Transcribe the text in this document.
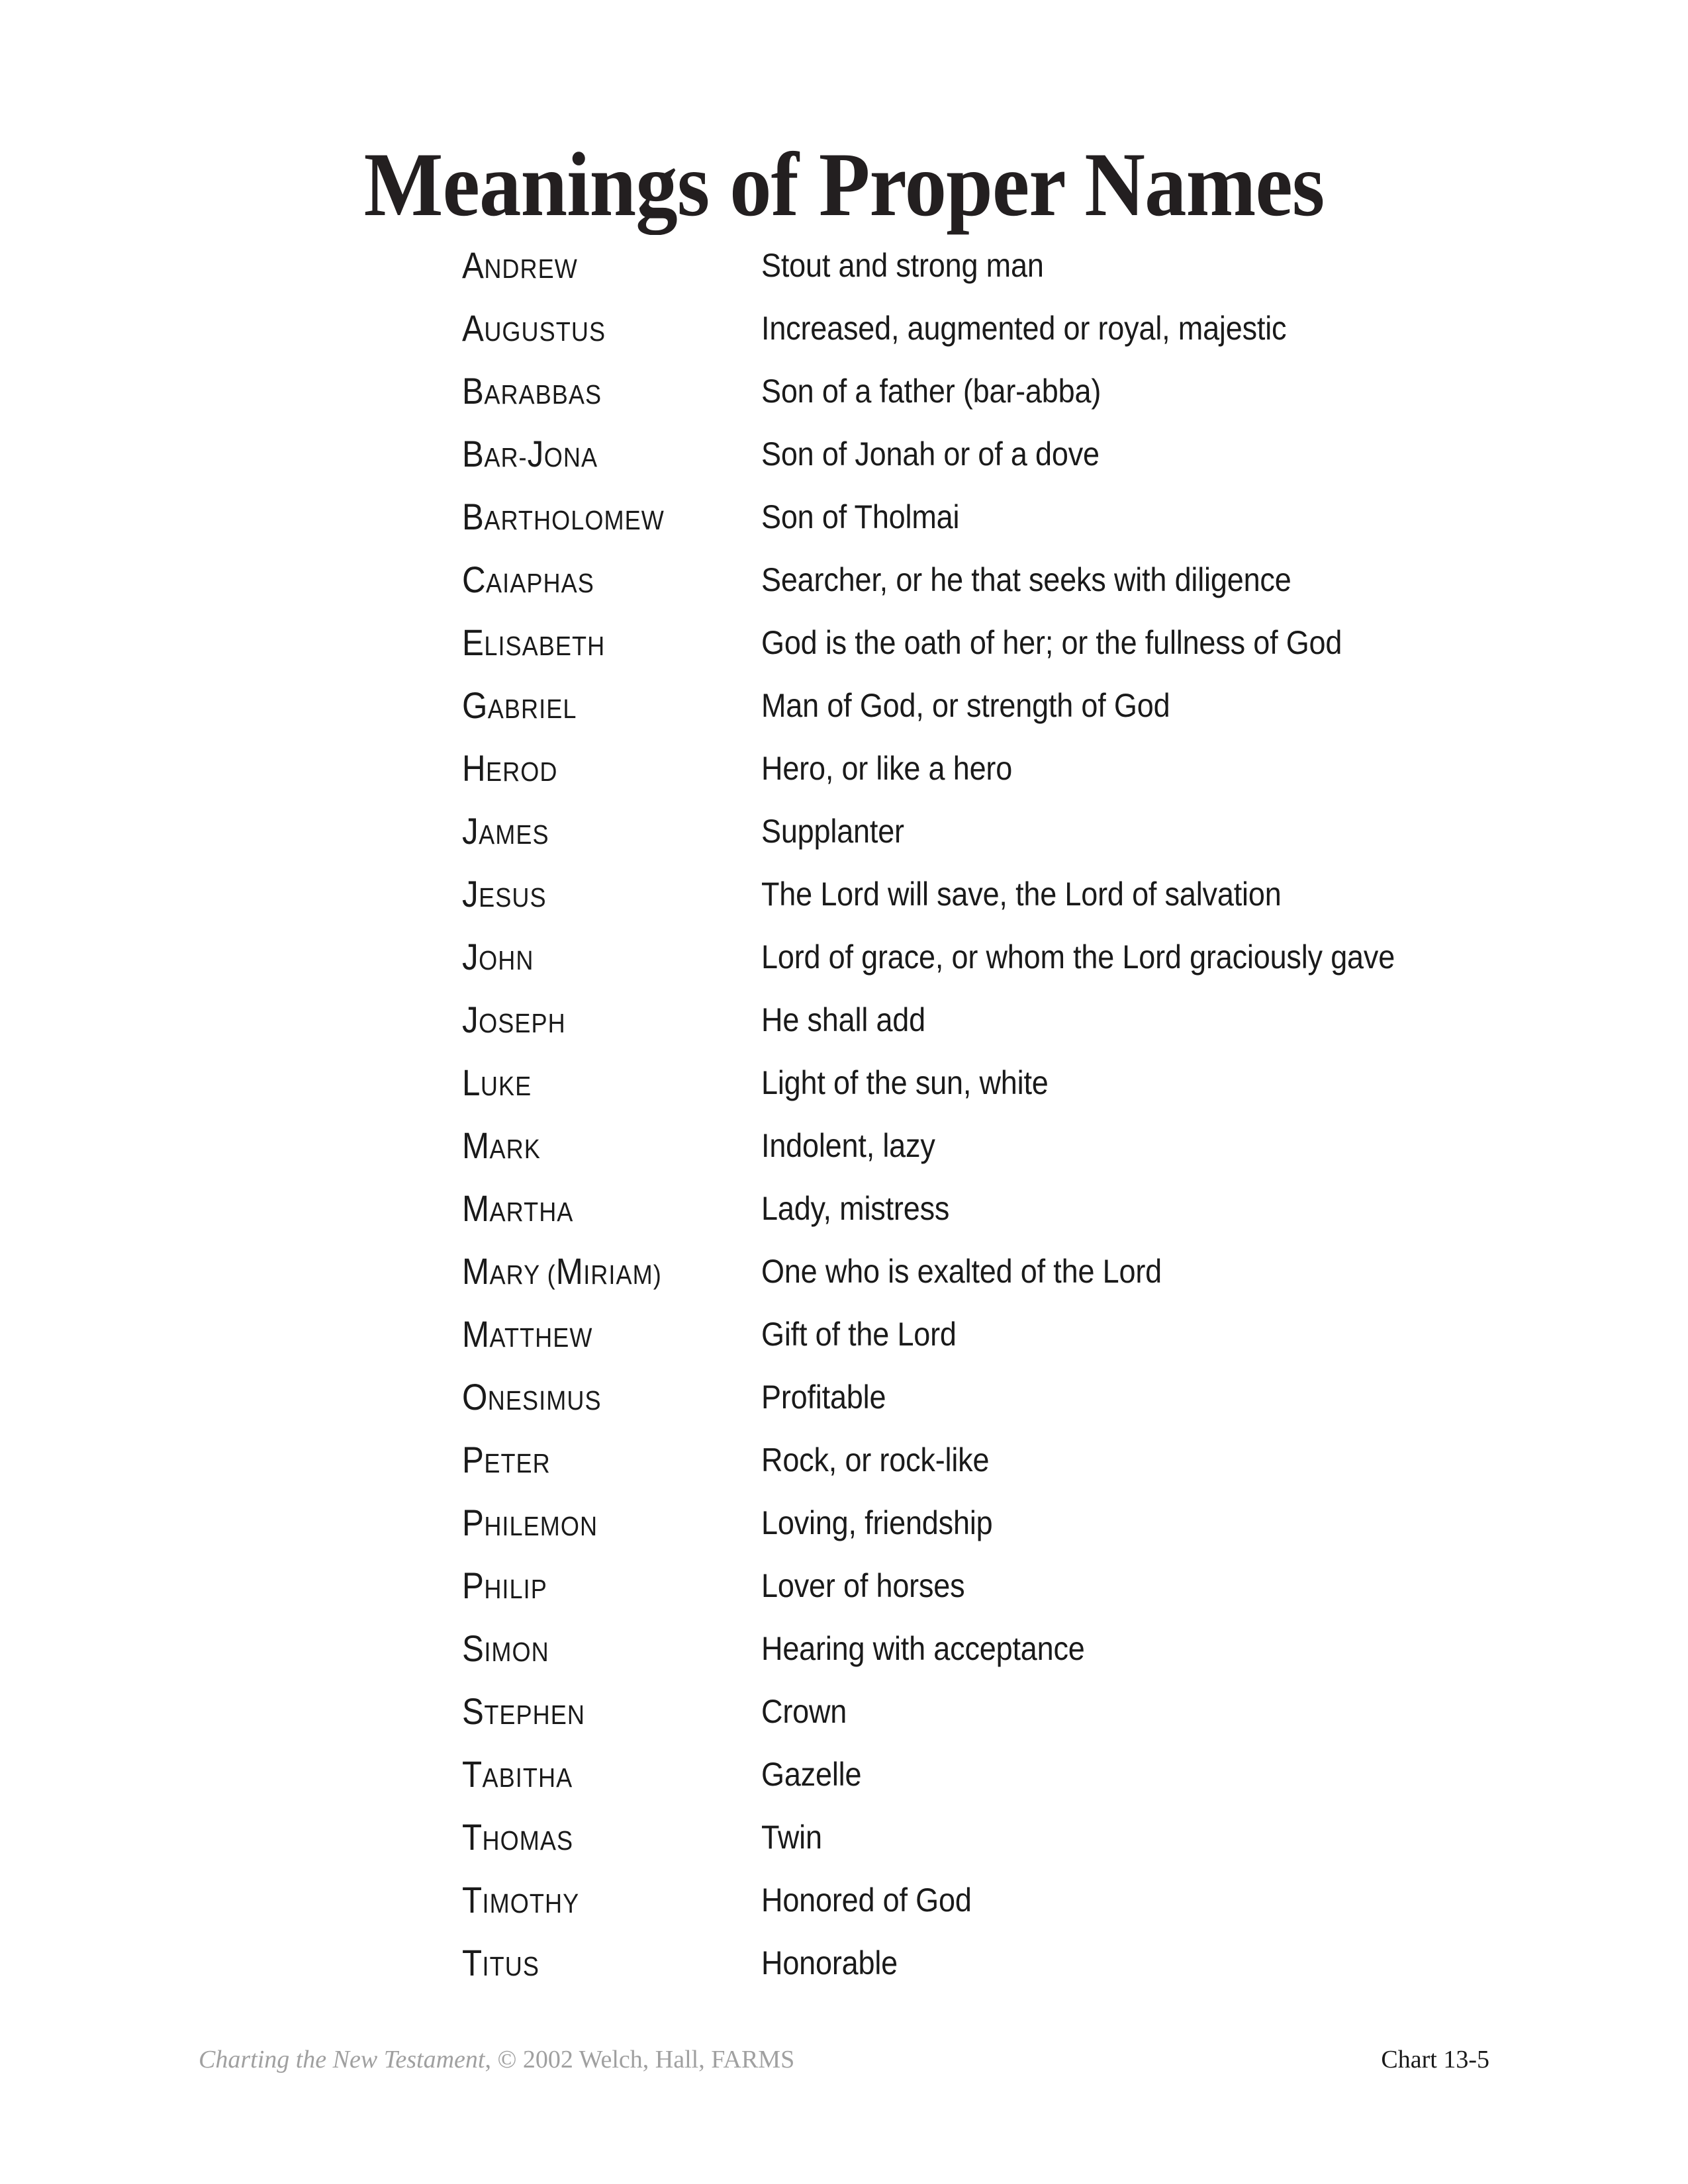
Meanings of Proper Names
ANDREW	Stout and strong man
AUGUSTUS	Increased, augmented or royal, majestic
BARABBAS	Son of a father (bar-abba)
BAR-JONA	Son of Jonah or of a dove
BARTHOLOMEW	Son of Tholmai
CAIAPHAS	Searcher, or he that seeks with diligence
ELISABETH	God is the oath of her; or the fullness of God
GABRIEL	Man of God, or strength of God
HEROD	Hero, or like a hero
JAMES	Supplanter
JESUS	The Lord will save, the Lord of salvation
JOHN	Lord of grace, or whom the Lord graciously gave
JOSEPH	He shall add
LUKE	Light of the sun, white
MARK	Indolent, lazy
MARTHA	Lady, mistress
MARY (MIRIAM)	One who is exalted of the Lord
MATTHEW	Gift of the Lord
ONESIMUS	Profitable
PETER	Rock, or rock-like
PHILEMON	Loving, friendship
PHILIP	Lover of horses
SIMON	Hearing with acceptance
STEPHEN	Crown
TABITHA	Gazelle
THOMAS	Twin
TIMOTHY	Honored of God
TITUS	Honorable
Charting the New Testament, © 2002 Welch, Hall, FARMS	Chart 13-5
